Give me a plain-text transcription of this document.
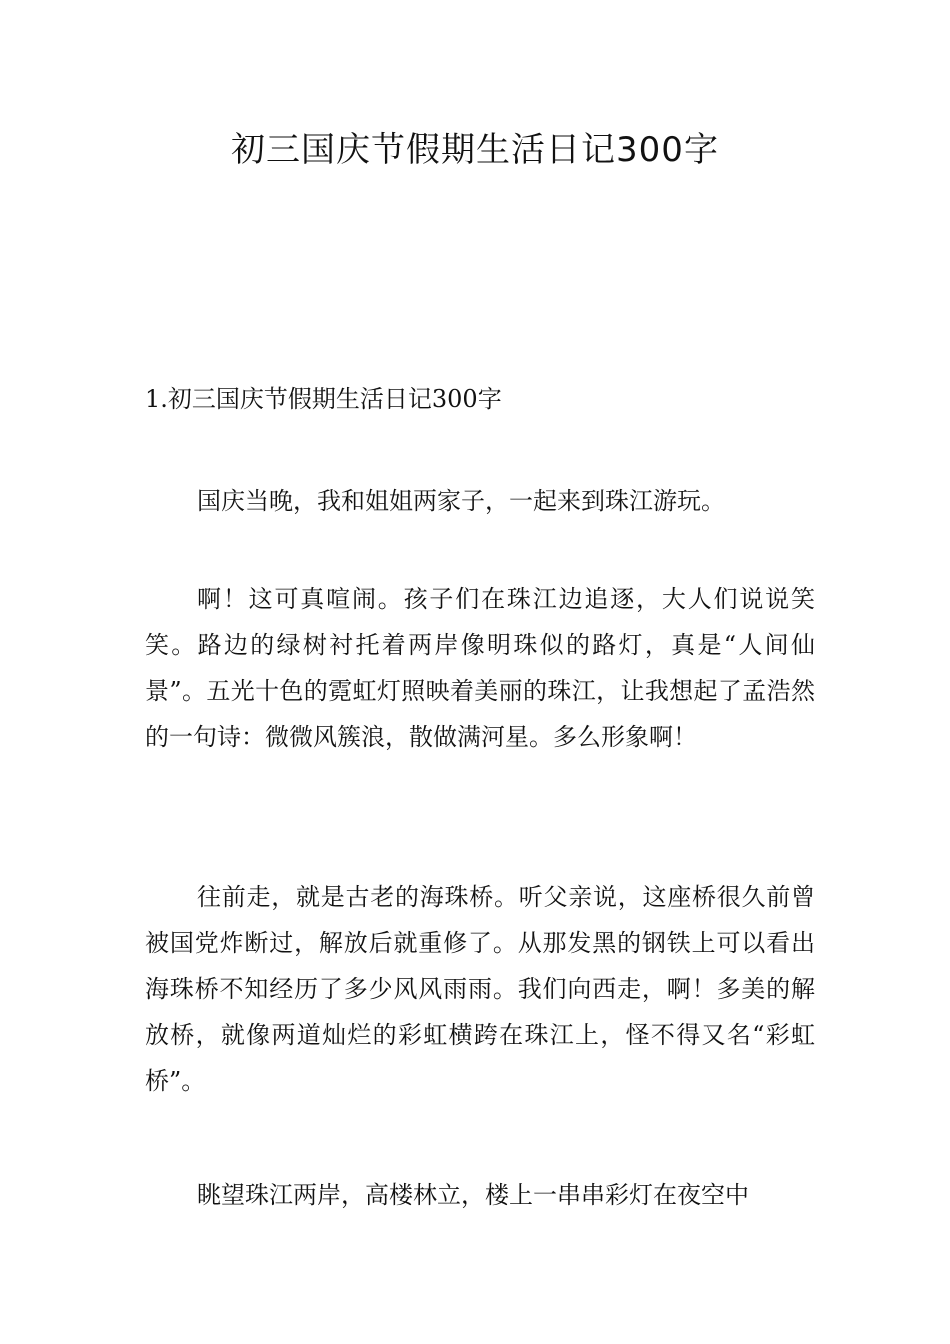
初三国庆节假期生活日记300字
1.初三国庆节假期生活日记300字

国庆当晚，我和姐姐两家子，一起来到珠江游玩。

啊！这可真喧闹。孩子们在珠江边追逐，大人们说说笑笑。路边的绿树衬托着两岸像明珠似的路灯，真是“人间仙景”。五光十色的霓虹灯照映着美丽的珠江，让我想起了孟浩然的一句诗：微微风簇浪，散做满河星。多么形象啊！

往前走，就是古老的海珠桥。听父亲说，这座桥很久前曾被国党炸断过，解放后就重修了。从那发黑的钢铁上可以看出海珠桥不知经历了多少风风雨雨。我们向西走，啊！多美的解放桥，就像两道灿烂的彩虹横跨在珠江上，怪不得又名“彩虹桥”。

眺望珠江两岸，高楼林立，楼上一串串彩灯在夜空中
